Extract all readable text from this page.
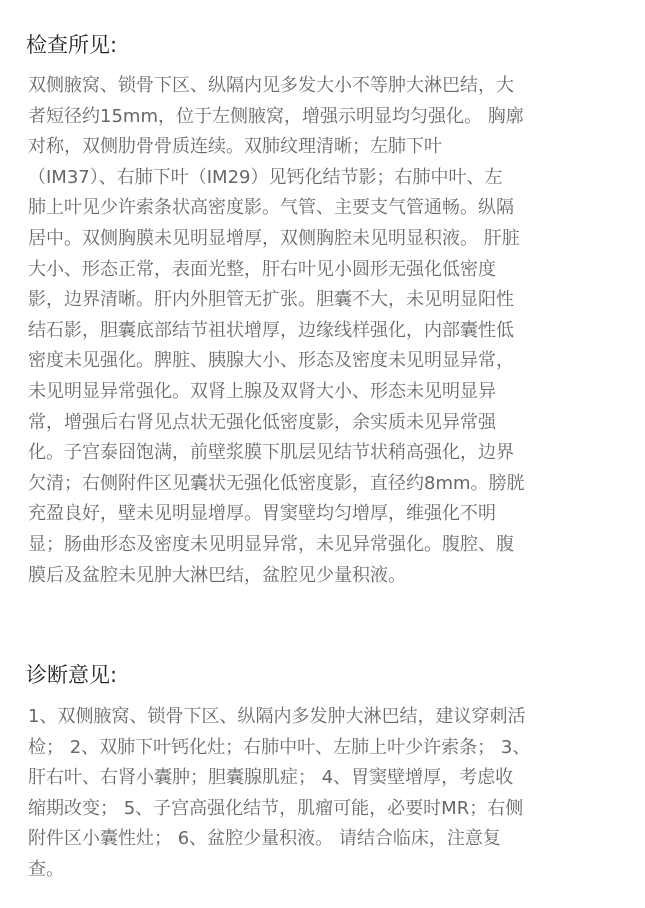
检查所见:
双侧腋窝、锁骨下区、纵隔内见多发大小不等肿大淋巴结，大
者短径约15mm，位于左侧腋窝，增强示明显均匀强化。 胸廓
对称，双侧肋骨骨质连续。双肺纹理清晰；左肺下叶
（IM37）、右肺下叶（IM29）见钙化结节影；右肺中叶、左
肺上叶见少许索条状高密度影。气管、主要支气管通畅。纵隔
居中。双侧胸膜未见明显增厚，双侧胸腔未见明显积液。 肝脏
大小、形态正常，表面光整，肝右叶见小圆形无强化低密度
影，边界清晰。肝内外胆管无扩张。胆囊不大，未见明显阳性
结石影，胆囊底部结节祖状增厚，边缘线样强化，内部囊性低
密度未见强化。脾脏、胰腺大小、形态及密度未见明显异常，
未见明显异常强化。双肾上腺及双肾大小、形态未见明显异
常，增强后右肾见点状无强化低密度影，余实质未见异常强
化。子宫泰囧饱满，前壁浆膜下肌层见结节状稍高强化，边界
欠清；右侧附件区见囊状无强化低密度影，直径约8mm。膀胱
充盈良好，壁未见明显增厚。胃窦壁均匀增厚，维强化不明
显；肠曲形态及密度未见明显异常，未见异常强化。腹腔、腹
膜后及盆腔未见肿大淋巴结，盆腔见少量积液。
诊断意见:
1、双侧腋窝、锁骨下区、纵隔内多发肿大淋巴结，建议穿刺活
检； 2、双肺下叶钙化灶；右肺中叶、左肺上叶少许索条； 3、
肝右叶、右肾小囊肿；胆囊腺肌症； 4、胃窦壁增厚，考虑收
缩期改变； 5、子宫高强化结节，肌瘤可能，必要时MR；右侧
附件区小囊性灶； 6、盆腔少量积液。 请结合临床，注意复
查。
